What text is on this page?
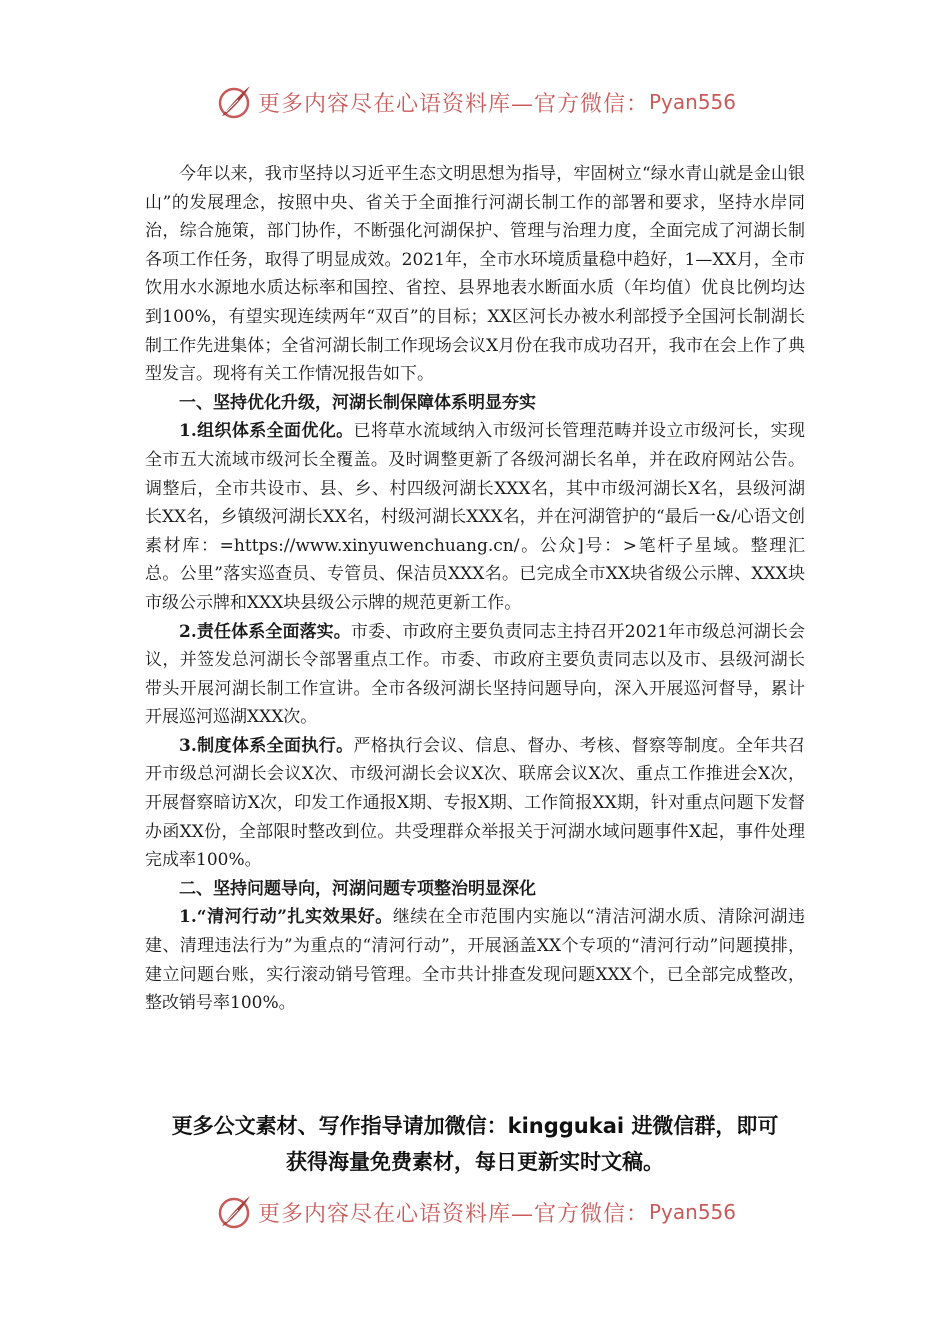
更多内容尽在心语资料库—官方微信： Pyan556

今年以来，我市坚持以习近平生态文明思想为指导，牢固树立“绿水青山就是金山银山”的发展理念，按照中央、省关于全面推行河湖长制工作的部署和要求，坚持水岸同治，综合施策，部门协作，不断强化河湖保护、管理与治理力度，全面完成了河湖长制各项工作任务，取得了明显成效。2021年，全市水环境质量稳中趋好，1—XX月，全市饮用水水源地水质达标率和国控、省控、县界地表水断面水质（年均值）优良比例均达到100%，有望实现连续两年“双百”的目标；XX区河长办被水利部授予全国河长制湖长制工作先进集体；全省河湖长制工作现场会议X月份在我市成功召开，我市在会上作了典型发言。现将有关工作情况报告如下。

一、坚持优化升级，河湖长制保障体系明显夯实

1.组织体系全面优化。已将草水流域纳入市级河长管理范畴并设立市级河长，实现全市五大流域市级河长全覆盖。及时调整更新了各级河湖长名单，并在政府网站公告。调整后，全市共设市、县、乡、村四级河湖长XXX名，其中市级河湖长X名，县级河湖长XX名，乡镇级河湖长XX名，村级河湖长XXX名，并在河湖管护的“最后一&/心语文创素材库：=https://www.xinyuwenchuang.cn/。公众]号：>笔杆子星域。整理汇总。公里”落实巡查员、专管员、保洁员XXX名。已完成全市XX块省级公示牌、XXX块市级公示牌和XXX块县级公示牌的规范更新工作。

2.责任体系全面落实。市委、市政府主要负责同志主持召开2021年市级总河湖长会议，并签发总河湖长令部署重点工作。市委、市政府主要负责同志以及市、县级河湖长带头开展河湖长制工作宣讲。全市各级河湖长坚持问题导向，深入开展巡河督导，累计开展巡河巡湖XXX次。

3.制度体系全面执行。严格执行会议、信息、督办、考核、督察等制度。全年共召开市级总河湖长会议X次、市级河湖长会议X次、联席会议X次、重点工作推进会X次，开展督察暗访X次，印发工作通报X期、专报X期、工作简报XX期，针对重点问题下发督办函XX份，全部限时整改到位。共受理群众举报关于河湖水域问题事件X起，事件处理完成率100%。

二、坚持问题导向，河湖问题专项整治明显深化

1.“清河行动”扎实效果好。继续在全市范围内实施以“清洁河湖水质、清除河湖违建、清理违法行为”为重点的“清河行动”，开展涵盖XX个专项的“清河行动”问题摸排，建立问题台账，实行滚动销号管理。全市共计排查发现问题XXX个，已全部完成整改，整改销号率100%。

更多公文素材、写作指导请加微信：kinggukai 进微信群，即可
获得海量免费素材，每日更新实时文稿。
更多内容尽在心语资料库—官方微信： Pyan556
